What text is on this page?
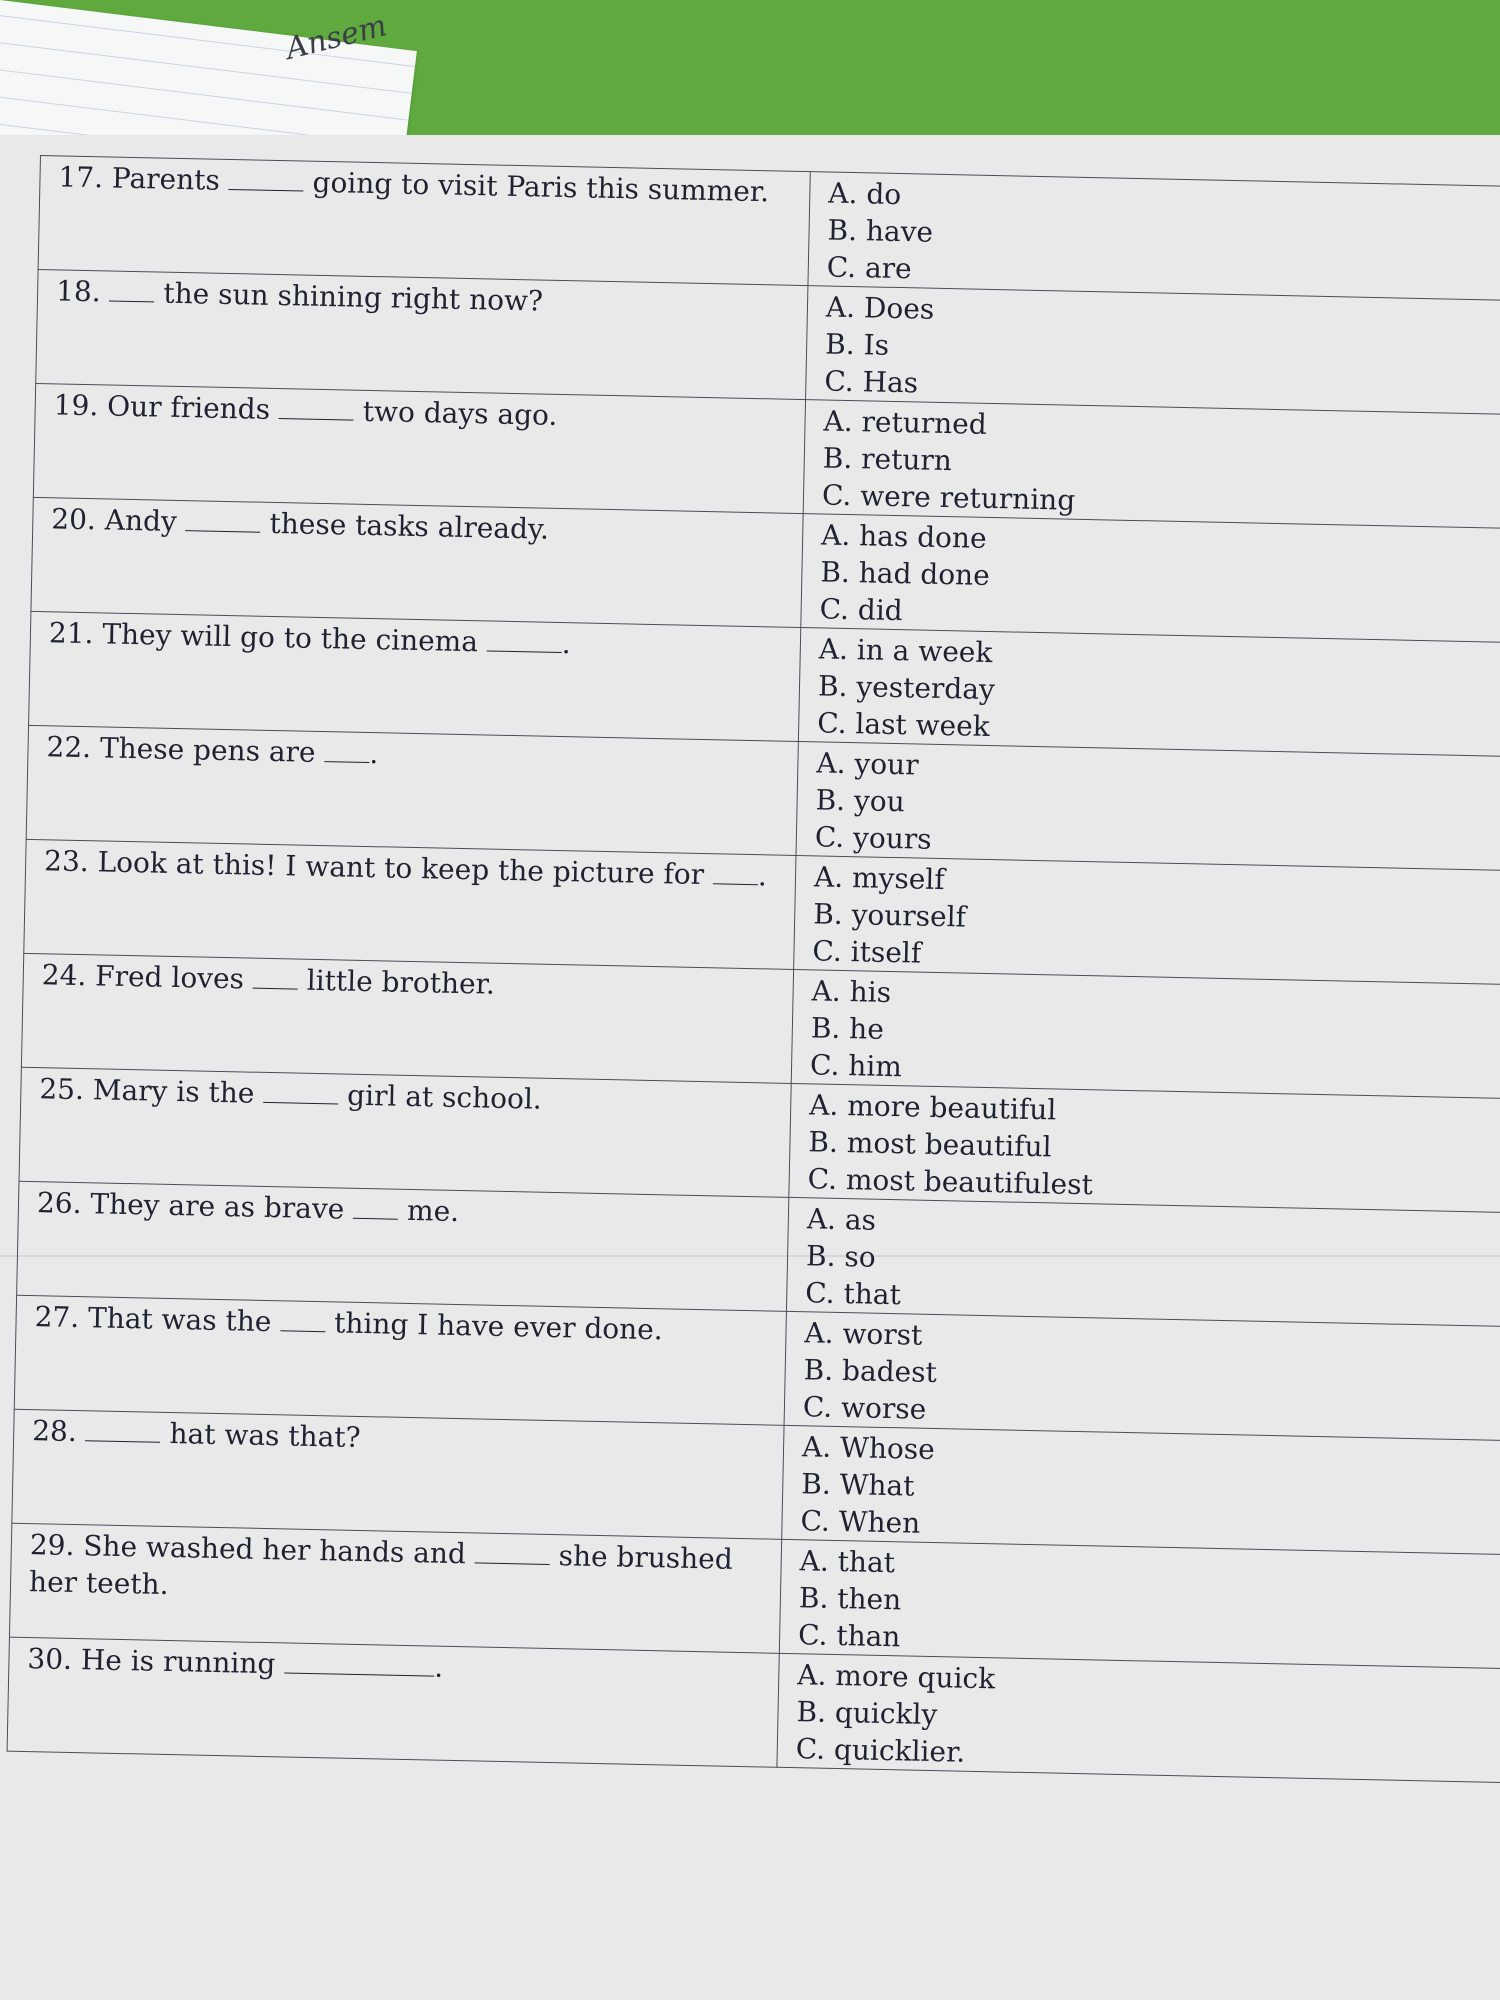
Ansem
17. Parents going to visit Paris this summer.	A. do
B. have
C. are

18.  the sun shining right now?	A. Does
B. Is
C. Has

19. Our friends two days ago.	A. returned
B. return
C. were returning

20. Andy these tasks already.	A. has done
B. had done
C. did

21. They will go to the cinema .	A. in a week
B. yesterday
C. last week

22. These pens are .	A. your
B. you
C. yours

23. Look at this! I want to keep the picture for .	A. myself
B. yourself
C. itself

24. Fred loves  little brother.	A. his
B. he
C. him

25. Mary is the girl at school.	A. more beautiful
B. most beautiful
C. most beautifulest

26. They are as brave  me.	A. as
B. so
C. that

27. That was the  thing I have ever done.	A. worst
B. badest
C. worse

28. hat was that?	A. Whose
B. What
C. When

29. She washed her hands and she brushed her teeth.	A. that
B. then
C. than

30. He is running .	A. more quick
B. quickly
C. quicklier.
